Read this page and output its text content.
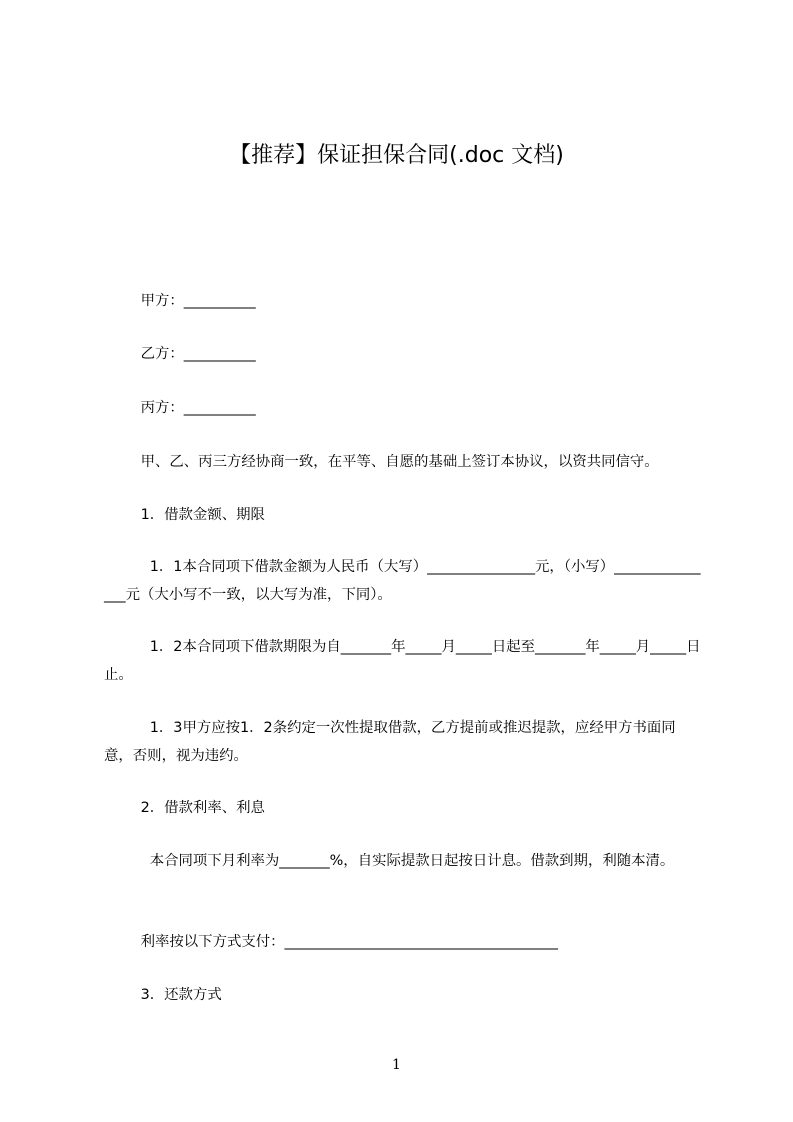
【推荐】保证担保合同(.doc 文档)
甲方：__________
乙方：__________
丙方：__________
甲、乙、丙三方经协商一致，在平等、自愿的基础上签订本协议，以资共同信守。
1．借款金额、期限
1．1本合同项下借款金额为人民币（大写）_______________元，（小写）_______________元（大小写不一致，以大写为准，下同）。
1．2本合同项下借款期限为自_______年_____月_____日起至_______年_____月_____日止。
1．3甲方应按1．2条约定一次性提取借款，乙方提前或推迟提款，应经甲方书面同意，否则，视为违约。
2．借款利率、利息
本合同项下月利率为_______%，自实际提款日起按日计息。借款到期，利随本清。
利率按以下方式支付：______________________________________
3．还款方式
1
